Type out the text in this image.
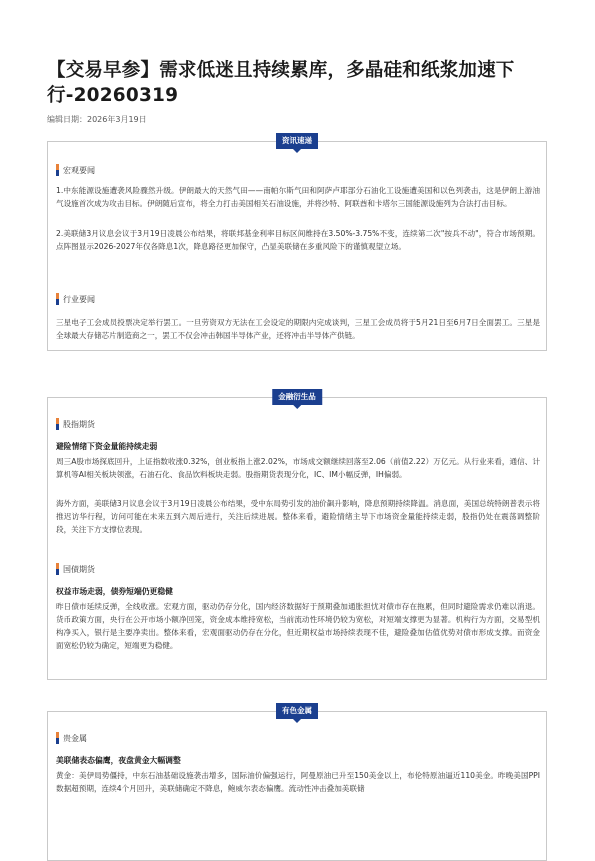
【交易早参】需求低迷且持续累库，多晶硅和纸浆加速下行-20260319
编辑日期：2026年3月19日
资讯速递
宏观要闻

1.中东能源设施遭袭风险骤然升级。伊朗最大的天然气田——南帕尔斯气田和阿萨卢耶部分石油化工设施遭美国和以色列袭击，这是伊朗上游油气设施首次成为攻击目标。伊朗随后宣布，将全力打击美国相关石油设施，并将沙特、阿联酋和卡塔尔三国能源设施列为合法打击目标。

2.美联储3月议息会议于3月19日凌晨公布结果，将联邦基金利率目标区间维持在3.50%-3.75%不变，连续第二次"按兵不动"，符合市场预期。点阵图显示2026-2027年仅各降息1次，降息路径更加保守，凸显美联储在多重风险下的谨慎观望立场。

行业要闻

三星电子工会成员投票决定举行罢工。一旦劳资双方无法在工会设定的期限内完成谈判，三星工会成员将于5月21日至6月7日全面罢工。三星是全球最大存储芯片制造商之一，罢工不仅会冲击韩国半导体产业，还将冲击半导体产供链。

金融衍生品
股指期货
避险情绪下资金量能持续走弱

周三A股市场探底回升，上证指数收涨0.32%，创业板指上涨2.02%，市场成交额继续回落至2.06（前值2.22）万亿元。从行业来看，通信、计算机等AI相关板块领涨，石油石化、食品饮料板块走弱。股指期货表现分化，IC、IM小幅反弹，IH偏弱。

海外方面，美联储3月议息会议于3月19日凌晨公布结果，受中东局势引发的油价飙升影响，降息预期持续降温。消息面，美国总统特朗普表示将推迟访华行程，访问可能在未来五到六周后进行，关注后续进展。整体来看，避险情绪主导下市场资金量能持续走弱，股指仍处在震荡调整阶段，关注下方支撑位表现。

国债期货
权益市场走弱，债券短端仍更稳健

昨日债市延续反弹，全线收涨。宏观方面，驱动仍存分化，国内经济数据好于预期叠加通胀担忧对债市存在拖累，但同时避险需求仍难以消退。货币政策方面，央行在公开市场小额净回笼，资金成本维持宽松，当前流动性环境仍较为宽松，对短端支撑更为显著。机构行为方面，交易型机构净买入，银行是主要净卖出。整体来看，宏观面驱动仍存在分化，但近期权益市场持续表现不佳，避险叠加估值优势对债市形成支撑。而资金面宽松仍较为确定，短端更为稳健。

有色金属
贵金属
美联储表态偏鹰，夜盘黄金大幅调整

黄金：美伊局势僵持，中东石油基础设施袭击增多，国际油价偏强运行，阿曼原油已升至150美金以上，布伦特原油逼近110美金。昨晚美国PPI数据超预期，连续4个月回升，美联储确定不降息，鲍威尔表态偏鹰。流动性冲击叠加美联储
